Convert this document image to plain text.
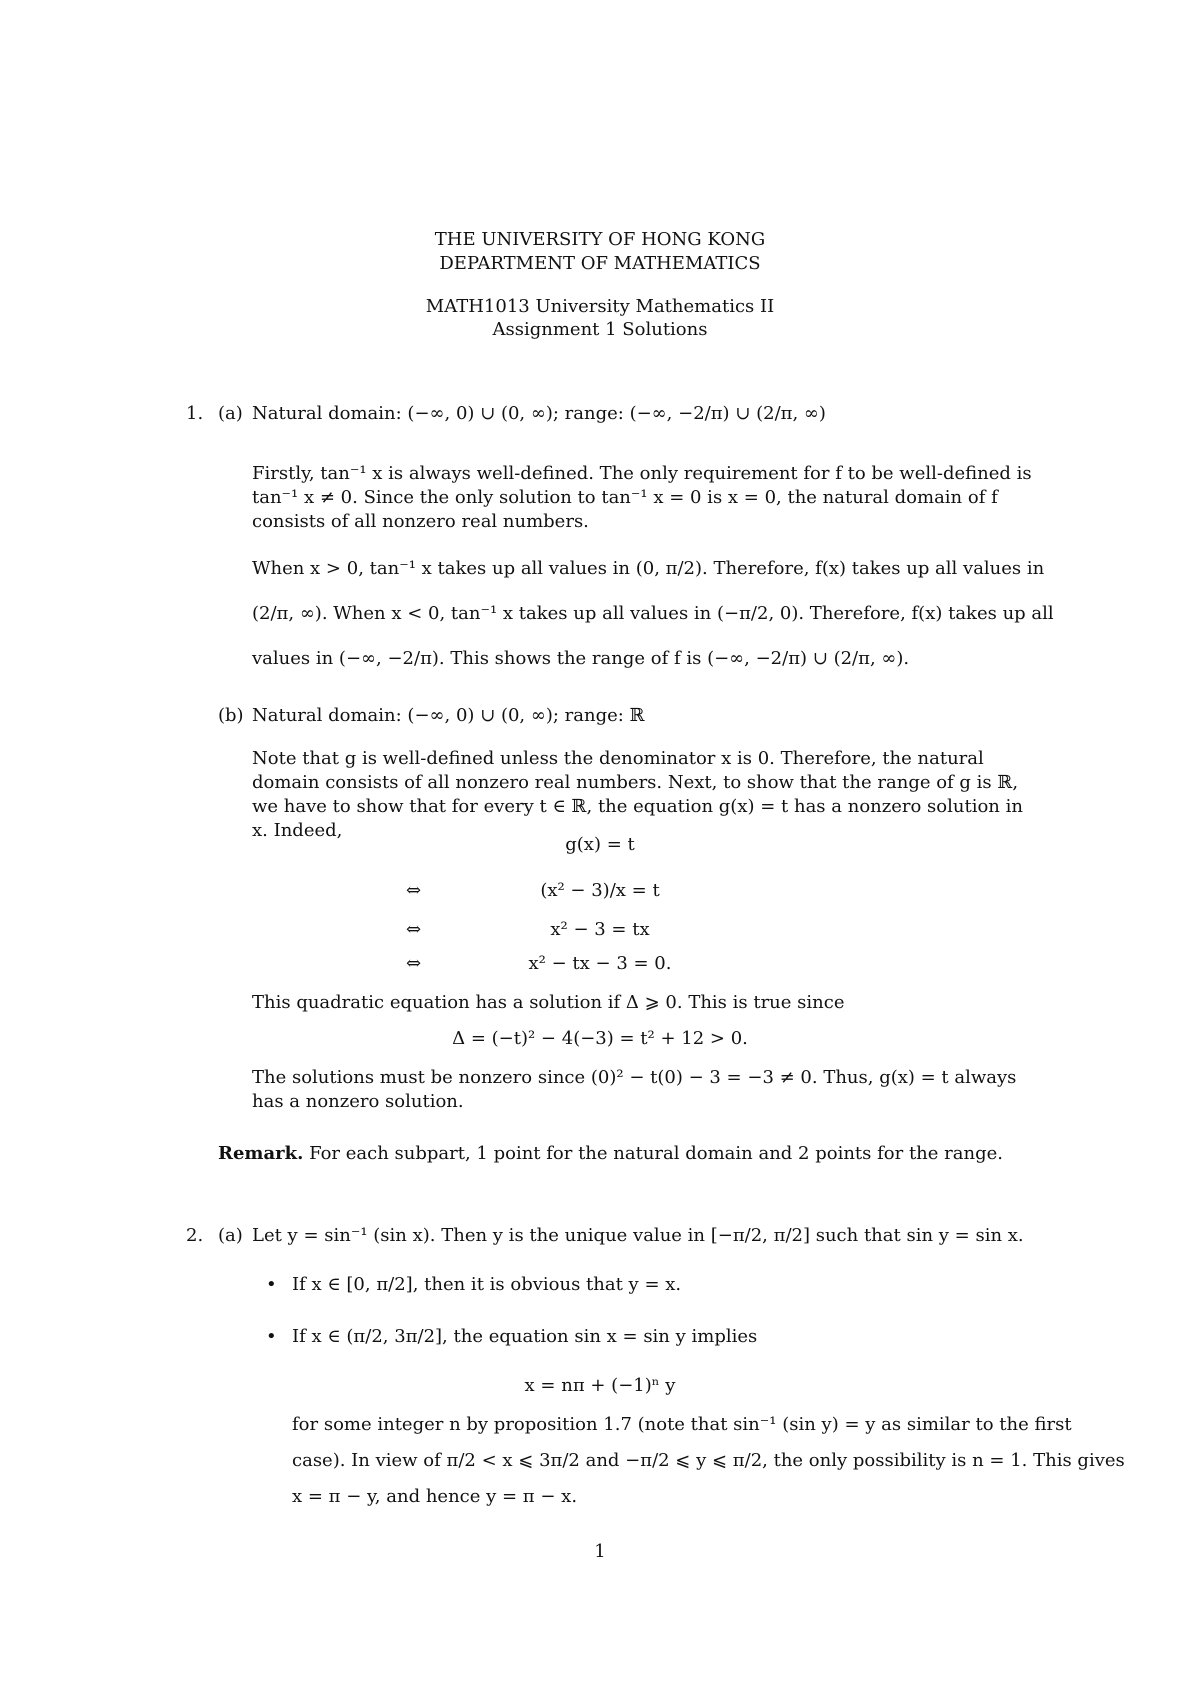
THE UNIVERSITY OF HONG KONG
DEPARTMENT OF MATHEMATICS
MATH1013 University Mathematics II
Assignment 1 Solutions
1. (a) Natural domain: (−∞, 0) ∪ (0, ∞); range: (−∞, −2/π) ∪ (2/π, ∞)
Firstly, tan⁻¹ x is always well-defined. The only requirement for f to be well-defined is tan⁻¹ x ≠ 0. Since the only solution to tan⁻¹ x = 0 is x = 0, the natural domain of f consists of all nonzero real numbers.
When x > 0, tan⁻¹ x takes up all values in (0, π/2). Therefore, f(x) takes up all values in
(2/π, ∞). When x < 0, tan⁻¹ x takes up all values in (−π/2, 0). Therefore, f(x) takes up all
values in (−∞, −2/π). This shows the range of f is (−∞, −2/π) ∪ (2/π, ∞).
(b) Natural domain: (−∞, 0) ∪ (0, ∞); range: ℝ
Note that g is well-defined unless the denominator x is 0. Therefore, the natural domain consists of all nonzero real numbers. Next, to show that the range of g is ℝ, we have to show that for every t ∈ ℝ, the equation g(x) = t has a nonzero solution in x. Indeed,
g(x) = t
⇔	(x² − 3)/x = t
⇔	x² − 3 = tx
⇔	x² − tx − 3 = 0.
This quadratic equation has a solution if Δ ⩾ 0. This is true since
Δ = (−t)² − 4(−3) = t² + 12 > 0.
The solutions must be nonzero since (0)² − t(0) − 3 = −3 ≠ 0. Thus, g(x) = t always has a nonzero solution.
Remark. For each subpart, 1 point for the natural domain and 2 points for the range.
2. (a) Let y = sin⁻¹ (sin x). Then y is the unique value in [−π/2, π/2] such that sin y = sin x.
• If x ∈ [0, π/2], then it is obvious that y = x.
• If x ∈ (π/2, 3π/2], the equation sin x = sin y implies
x = nπ + (−1)ⁿ y
for some integer n by proposition 1.7 (note that sin⁻¹ (sin y) = y as similar to the first
case). In view of π/2 < x ⩽ 3π/2 and −π/2 ⩽ y ⩽ π/2, the only possibility is n = 1. This gives
x = π − y, and hence y = π − x.
1
